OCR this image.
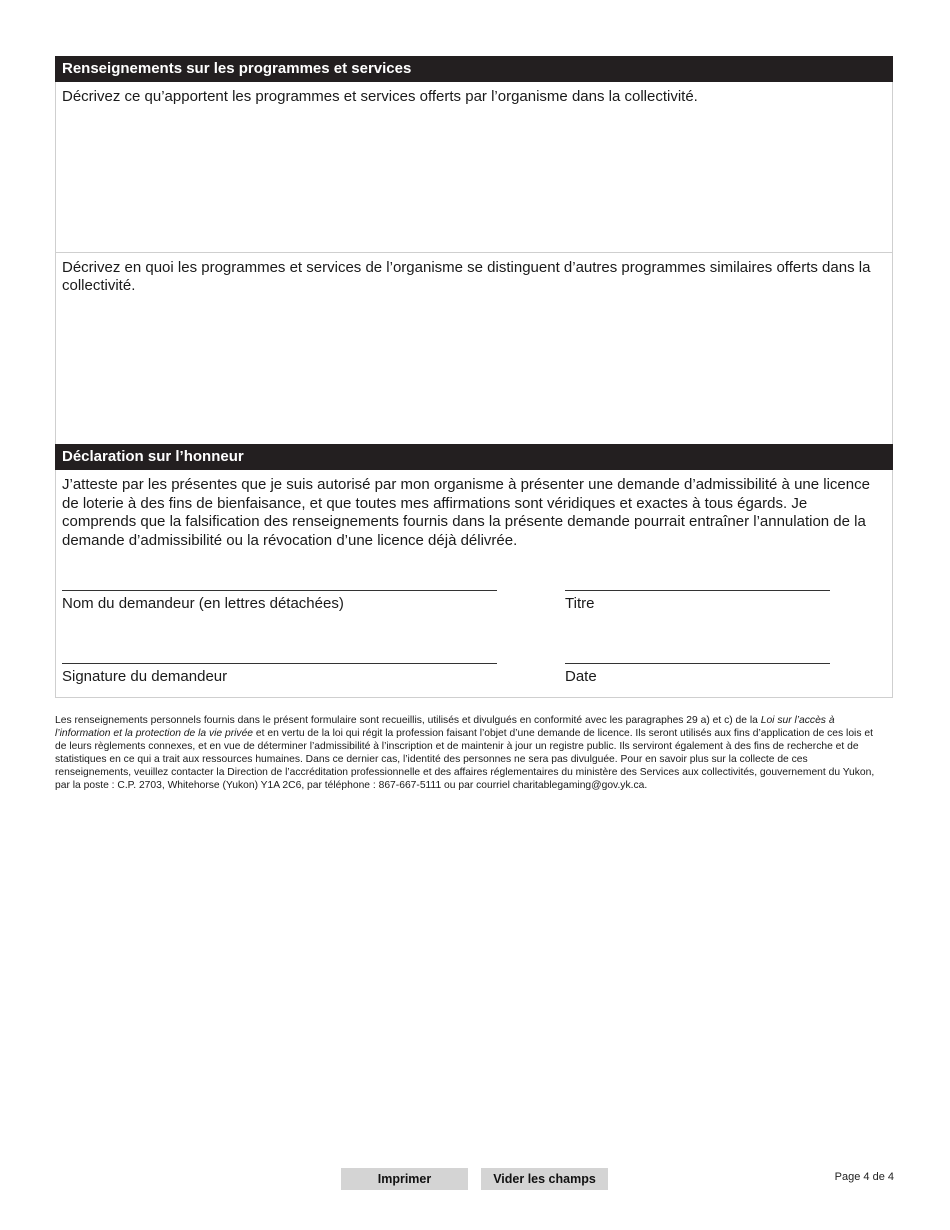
Renseignements sur les programmes et services

Décrivez ce qu’apportent les programmes et services offerts par l’organisme dans la collectivité.

Décrivez en quoi les programmes et services de l’organisme se distinguent d’autres programmes similaires offerts dans la collectivité.

Déclaration sur l’honneur

J’atteste par les présentes que je suis autorisé par mon organisme à présenter une demande d’admissibilité à une licence de loterie à des fins de bienfaisance, et que toutes mes affirmations sont véridiques et exactes à tous égards. Je comprends que la falsification des renseignements fournis dans la présente demande pourrait entraîner l’annulation de la demande d’admissibilité ou la révocation d’une licence déjà délivrée.

Nom du demandeur (en lettres détachées)	Titre
Signature du demandeur	Date

Les renseignements personnels fournis dans le présent formulaire sont recueillis, utilisés et divulgués en conformité avec les paragraphes 29 a) et c) de la Loi sur l’accès à l’information et la protection de la vie privée et en vertu de la loi qui régit la profession faisant l’objet d’une demande de licence. Ils seront utilisés aux fins d’application de ces lois et de leurs règlements connexes, et en vue de déterminer l’admissibilité à l’inscription et de maintenir à jour un registre public. Ils serviront également à des fins de recherche et de statistiques en ce qui a trait aux ressources humaines. Dans ce dernier cas, l’identité des personnes ne sera pas divulguée. Pour en savoir plus sur la collecte de ces renseignements, veuillez contacter la Direction de l’accréditation professionnelle et des affaires réglementaires du ministère des Services aux collectivités, gouvernement du Yukon, par la poste : C.P. 2703, Whitehorse (Yukon) Y1A 2C6, par téléphone : 867-667-5111 ou par courriel charitablegaming@gov.yk.ca.

Imprimer	Vider les champs	Page 4 de 4
